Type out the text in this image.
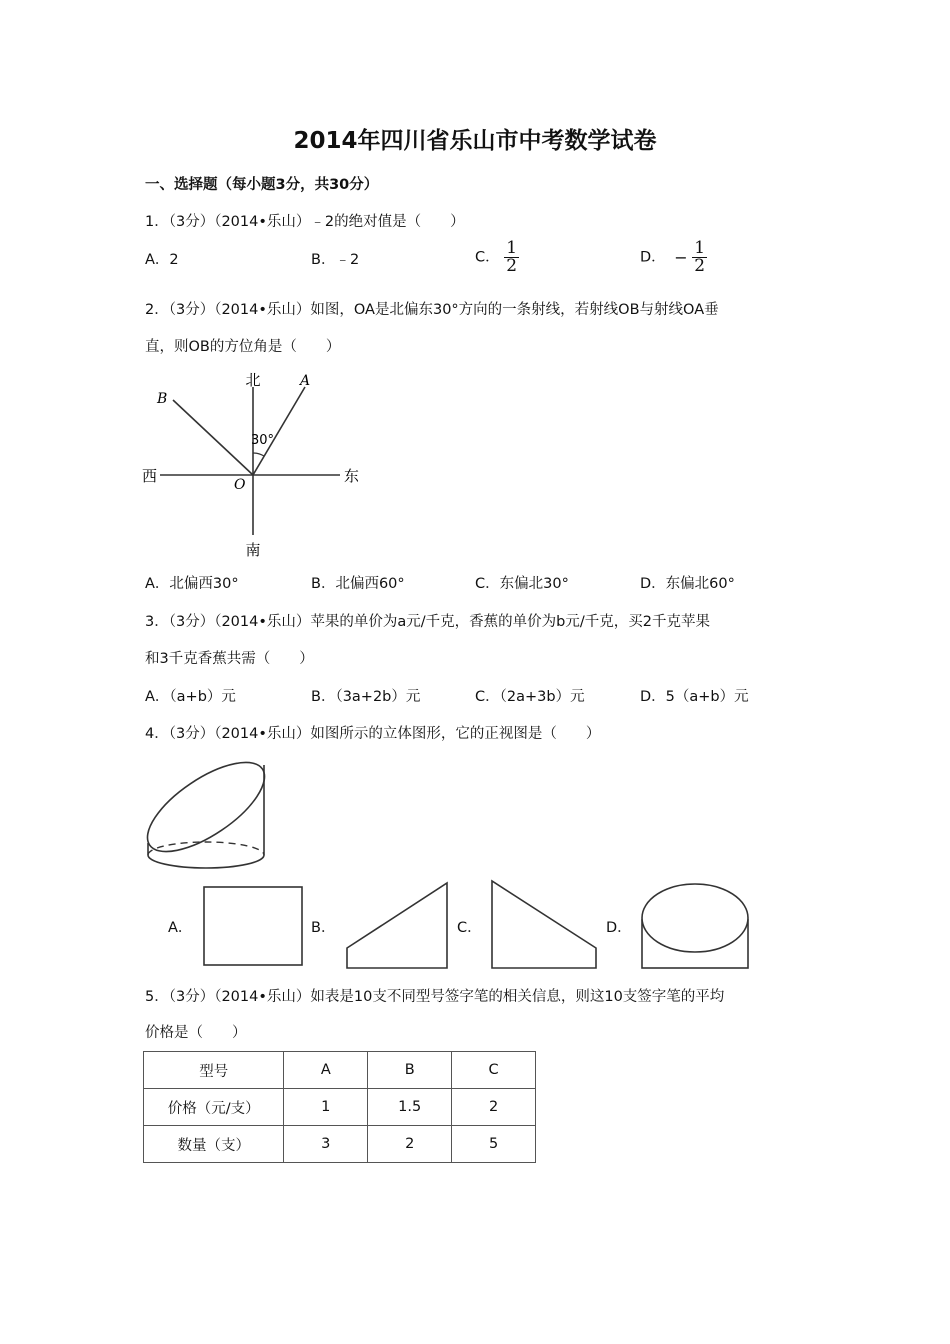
2014年四川省乐山市中考数学试卷
一、选择题（每小题3分，共30分）
1．（3分）（2014•乐山）﹣2的绝对值是（　　）
A．2	B．﹣2	C． $\frac{1}{2}$	D． − $\frac{1}{2}$
2．（3分）（2014•乐山）如图，OA是北偏东30°方向的一条射线，若射线OB与射线OA垂
直，则OB的方位角是（　　）
北
南
东
西
A
B
O
30°
A．北偏西30°	B．北偏西60°	C．东偏北30°	D．东偏北60°
3．（3分）（2014•乐山）苹果的单价为a元/千克，香蕉的单价为b元/千克，买2千克苹果
和3千克香蕉共需（　　）
A．（a+b）元	B．（3a+2b）元	C．（2a+3b）元	D．5（a+b）元
4．（3分）（2014•乐山）如图所示的立体图形，它的正视图是（　　）
A．	B．	C．	D．
5．（3分）（2014•乐山）如表是10支不同型号签字笔的相关信息，则这10支签字笔的平均
价格是（　　）
型号	A	B	C
价格（元/支）	1	1.5	2
数量（支）	3	2	5
